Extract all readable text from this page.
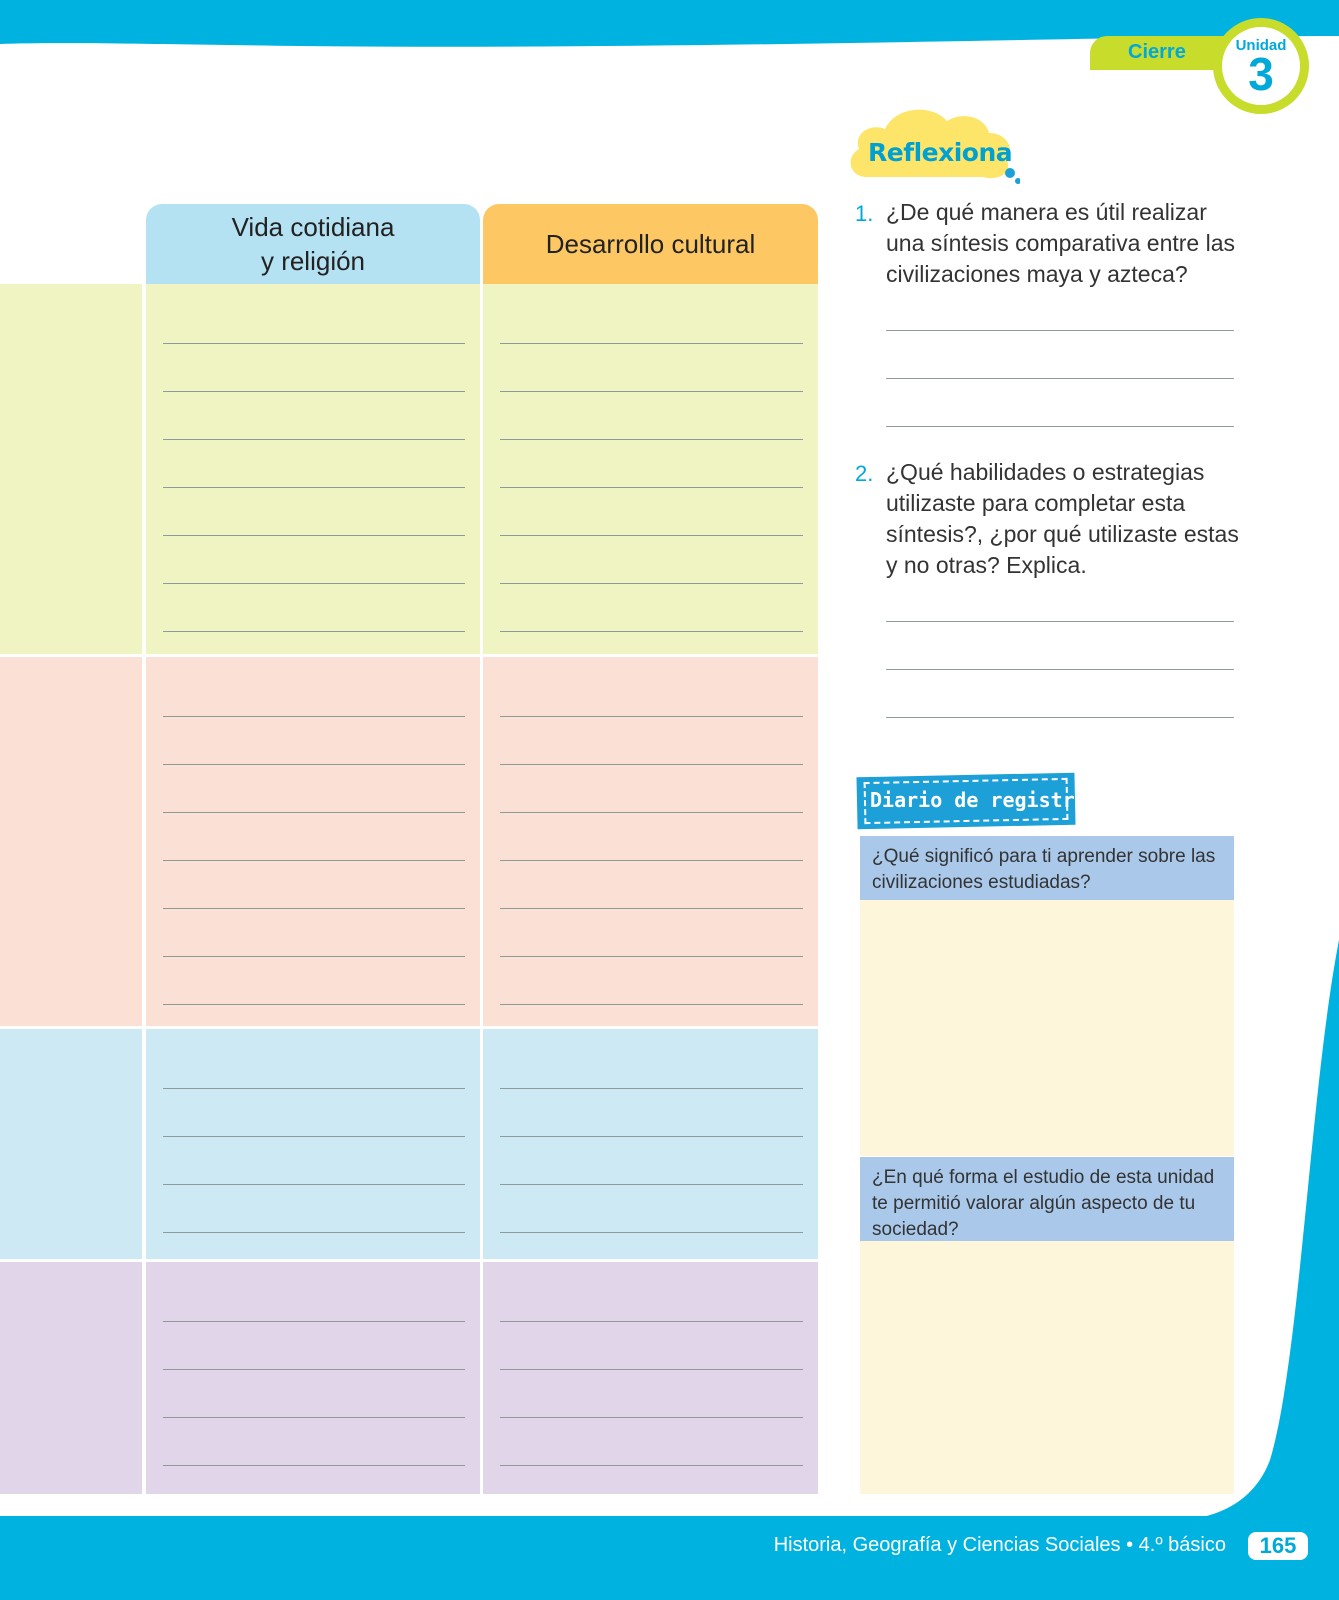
Cierre	Unidad
3
Reflexiona
Vida cotidiana
y religión
Desarrollo cultural
1. ¿De qué manera es útil realizar una síntesis comparativa entre las civilizaciones maya y azteca?
2. ¿Qué habilidades o estrategias utilizaste para completar esta síntesis?, ¿por qué utilizaste estas y no otras? Explica.
Diario de registro
¿Qué significó para ti aprender sobre las civilizaciones estudiadas?
¿En qué forma el estudio de esta unidad te permitió valorar algún aspecto de tu sociedad?
Historia, Geografía y Ciencias Sociales • 4.º básico	165
